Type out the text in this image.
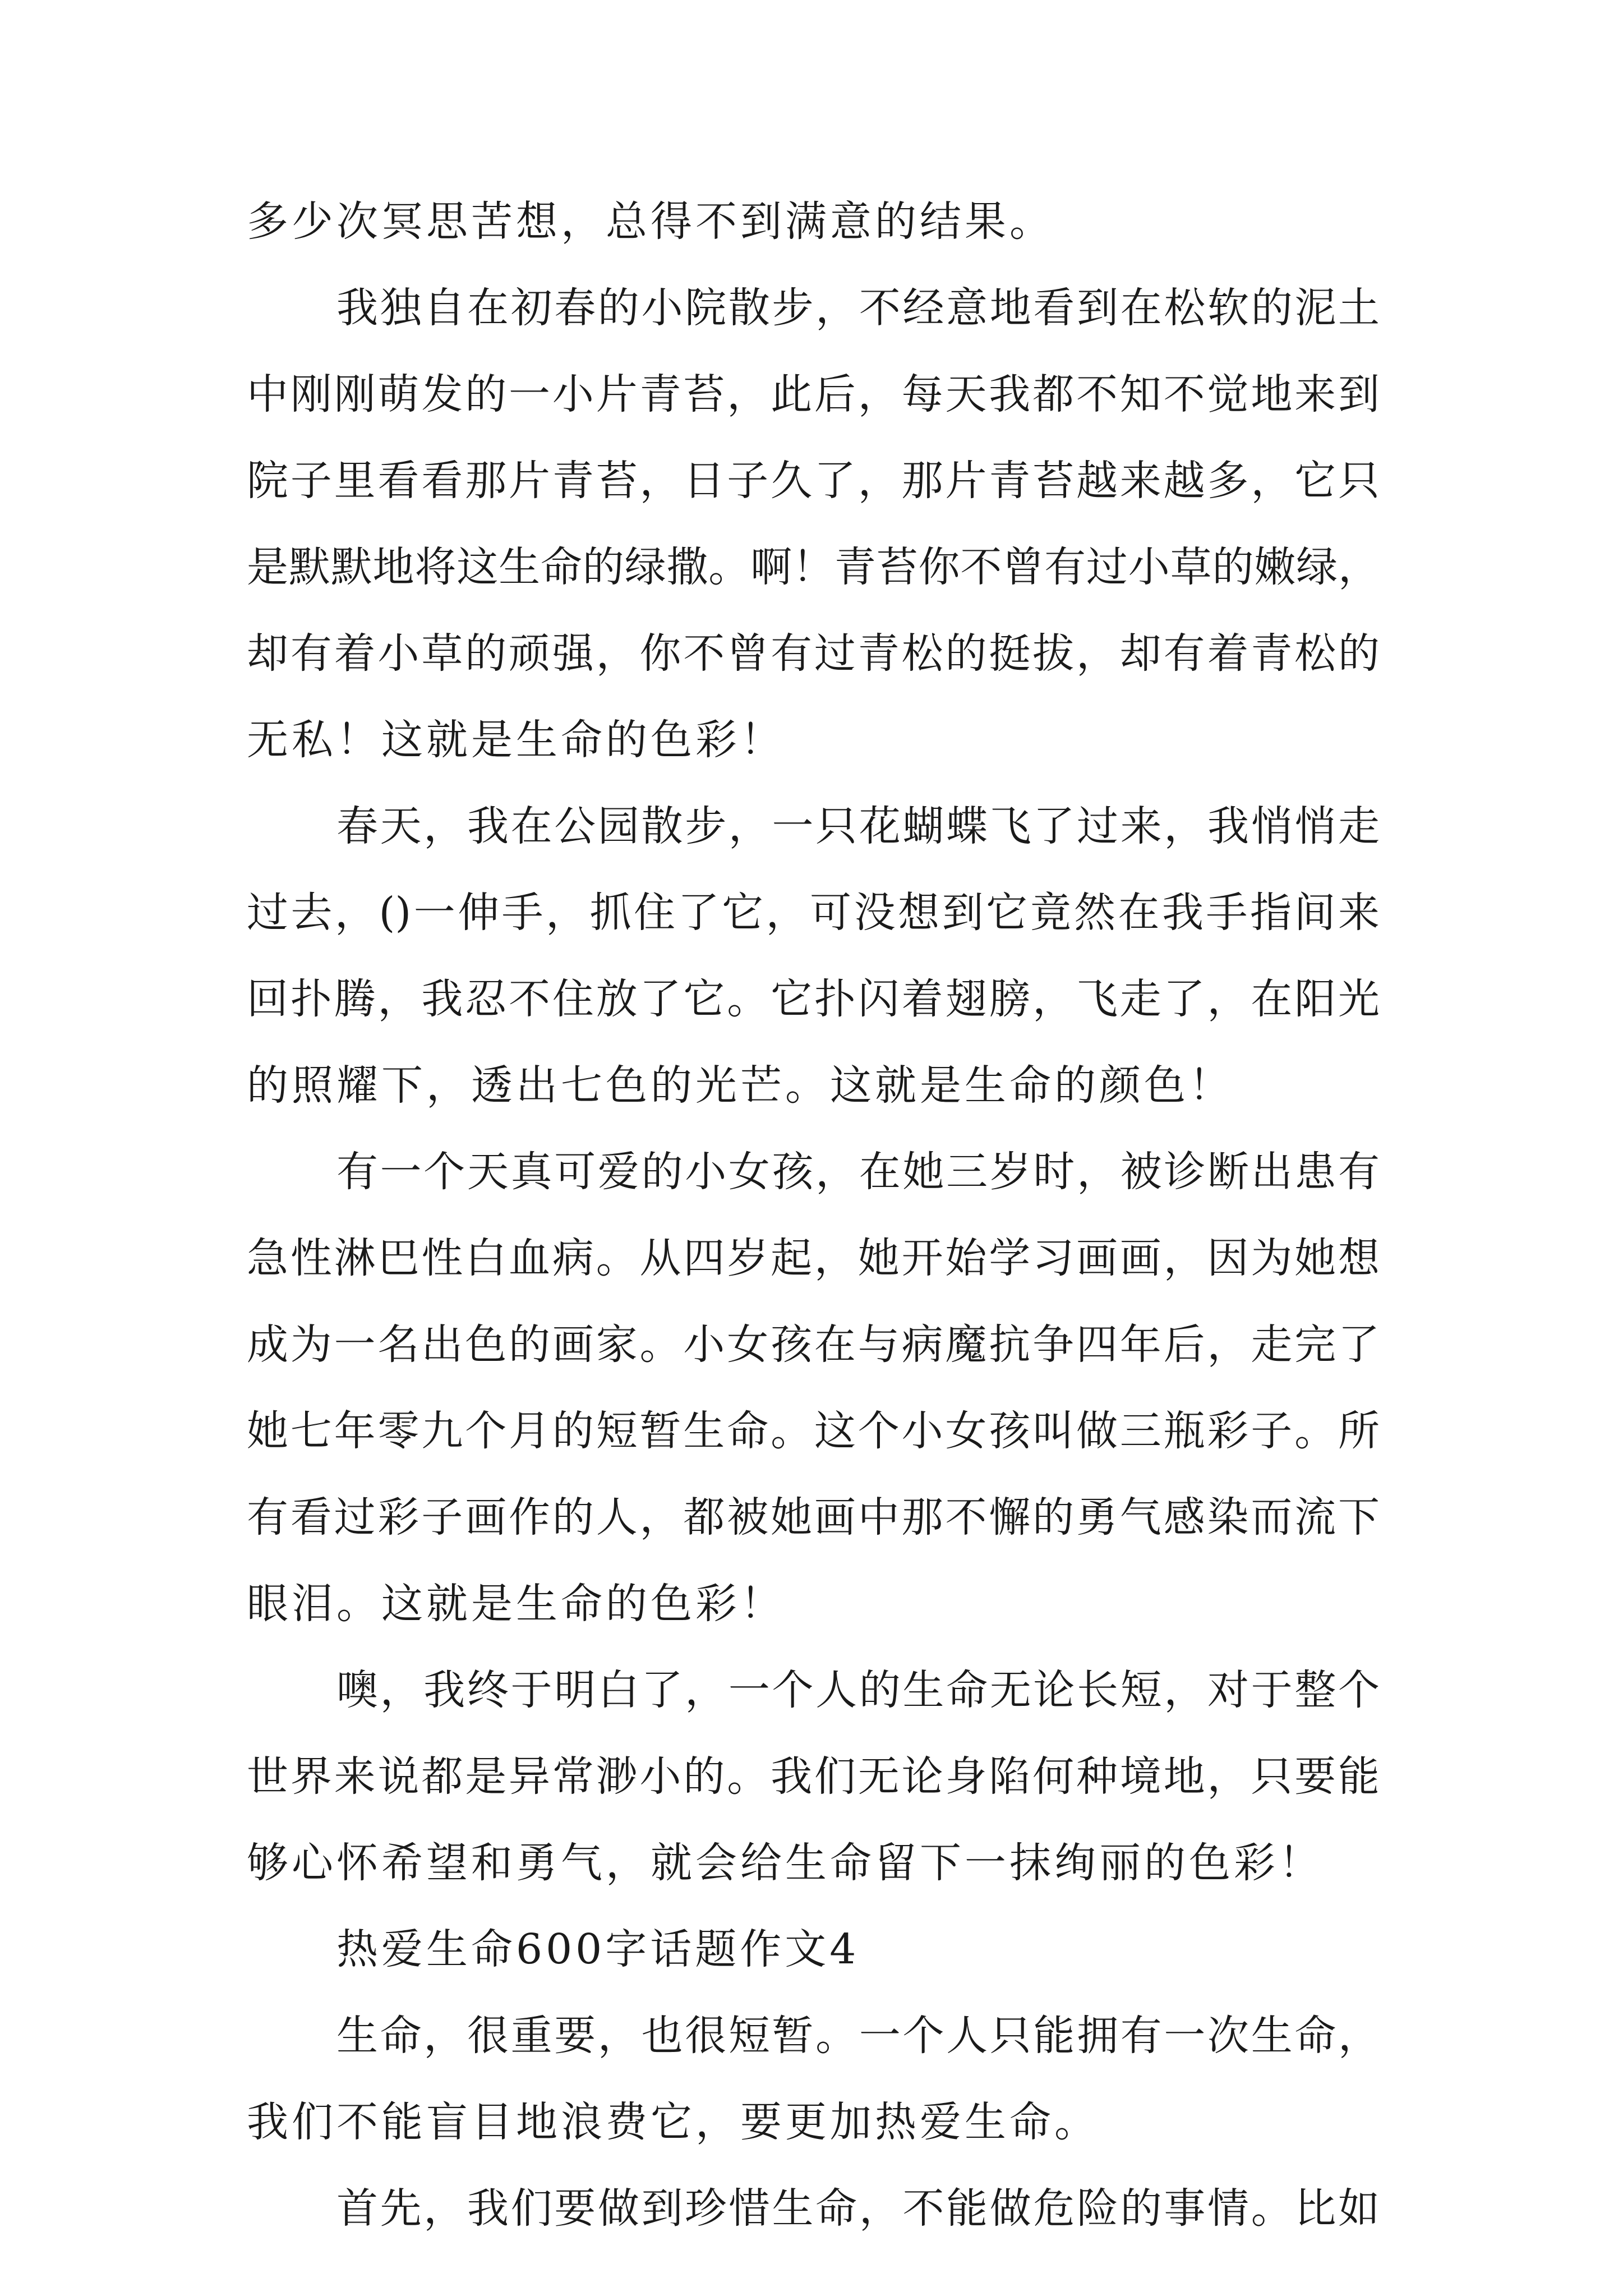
多少次冥思苦想，总得不到满意的结果。
我独自在初春的小院散步，不经意地看到在松软的泥土
中刚刚萌发的一小片青苔，此后，每天我都不知不觉地来到
院子里看看那片青苔，日子久了，那片青苔越来越多，它只
是默默地将这生命的绿撒。啊！青苔你不曾有过小草的嫩绿，
却有着小草的顽强，你不曾有过青松的挺拔，却有着青松的
无私！这就是生命的色彩！
春天，我在公园散步，一只花蝴蝶飞了过来，我悄悄走
过去，()一伸手，抓住了它，可没想到它竟然在我手指间来
回扑腾，我忍不住放了它。它扑闪着翅膀，飞走了，在阳光
的照耀下，透出七色的光芒。这就是生命的颜色！
有一个天真可爱的小女孩，在她三岁时，被诊断出患有
急性淋巴性白血病。从四岁起，她开始学习画画，因为她想
成为一名出色的画家。小女孩在与病魔抗争四年后，走完了
她七年零九个月的短暂生命。这个小女孩叫做三瓶彩子。所
有看过彩子画作的人，都被她画中那不懈的勇气感染而流下
眼泪。这就是生命的色彩！
噢，我终于明白了，一个人的生命无论长短，对于整个
世界来说都是异常渺小的。我们无论身陷何种境地，只要能
够心怀希望和勇气，就会给生命留下一抹绚丽的色彩！
热爱生命600字话题作文4
生命，很重要，也很短暂。一个人只能拥有一次生命，
我们不能盲目地浪费它，要更加热爱生命。
首先，我们要做到珍惜生命，不能做危险的事情。比如
